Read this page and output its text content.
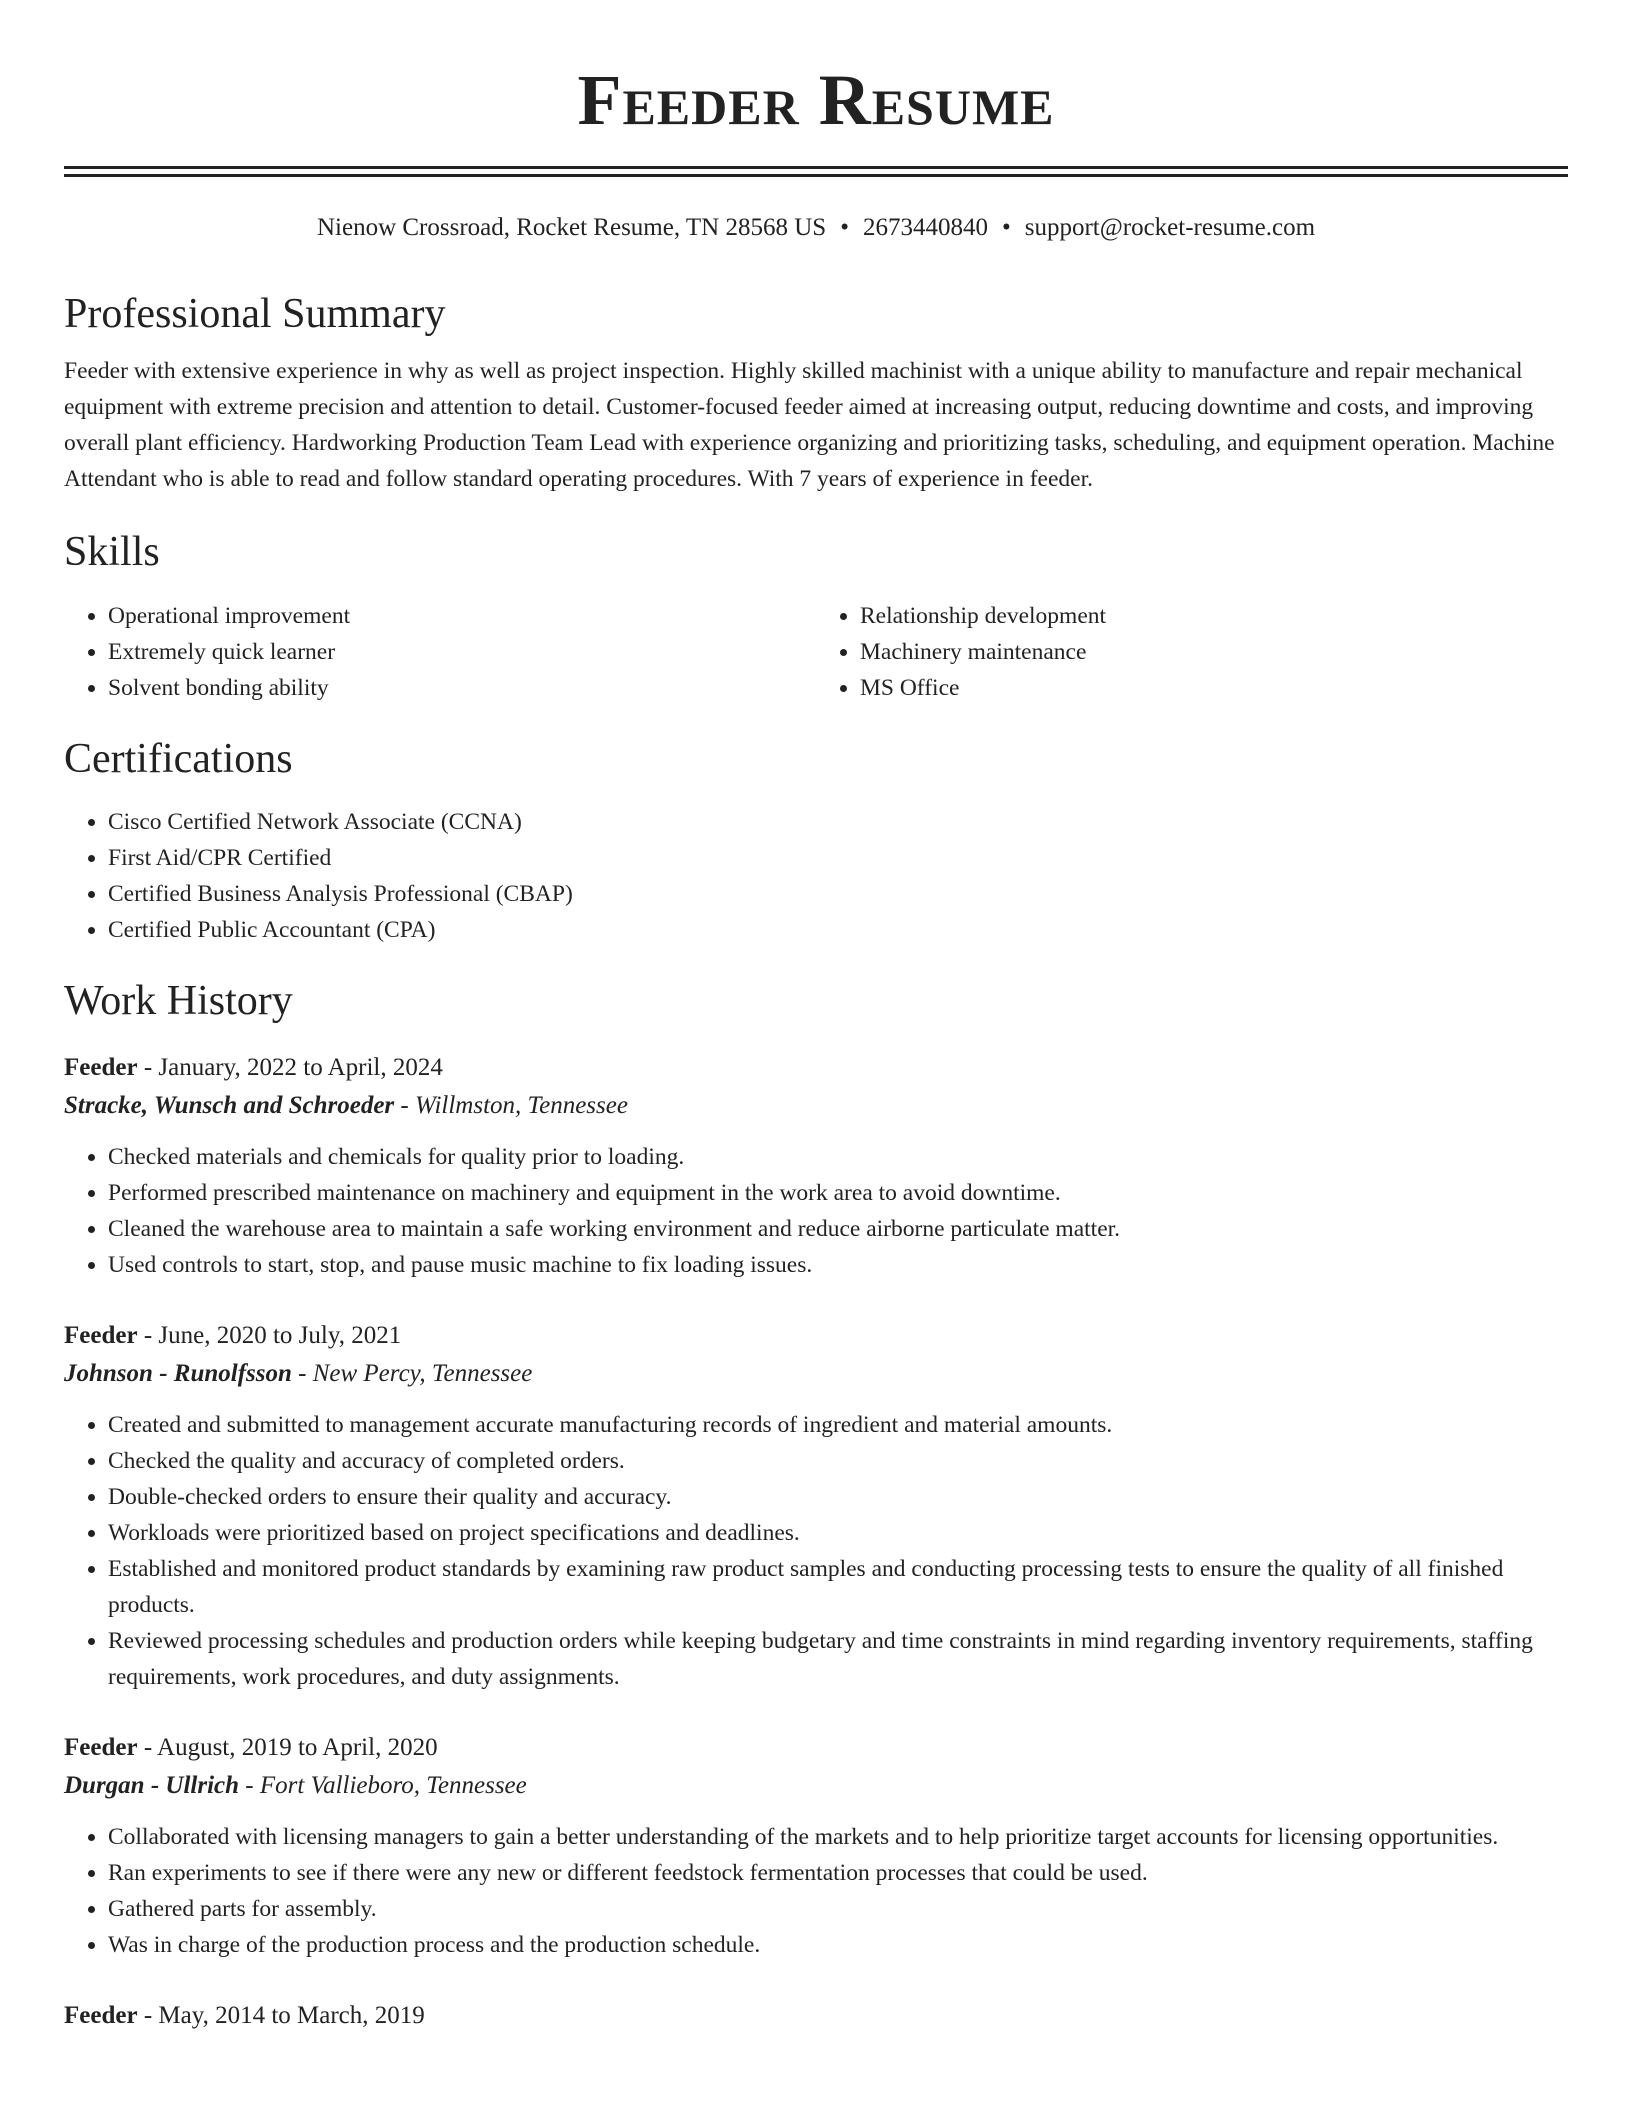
Feeder Resume
Nienow Crossroad, Rocket Resume, TN 28568 US • 2673440840 • support@rocket-resume.com
Professional Summary

Feeder with extensive experience in why as well as project inspection. Highly skilled machinist with a unique ability to manufacture and repair mechanical equipment with extreme precision and attention to detail. Customer-focused feeder aimed at increasing output, reducing downtime and costs, and improving overall plant efficiency. Hardworking Production Team Lead with experience organizing and prioritizing tasks, scheduling, and equipment operation. Machine Attendant who is able to read and follow standard operating procedures. With 7 years of experience in feeder.

Skills
• Operational improvement
• Extremely quick learner
• Solvent bonding ability
• Relationship development
• Machinery maintenance
• MS Office
Certifications
• Cisco Certified Network Associate (CCNA)
• First Aid/CPR Certified
• Certified Business Analysis Professional (CBAP)
• Certified Public Accountant (CPA)
Work History
Feeder - January, 2022 to April, 2024
Stracke, Wunsch and Schroeder - Willmston, Tennessee
• Checked materials and chemicals for quality prior to loading.
• Performed prescribed maintenance on machinery and equipment in the work area to avoid downtime.
• Cleaned the warehouse area to maintain a safe working environment and reduce airborne particulate matter.
• Used controls to start, stop, and pause music machine to fix loading issues.
Feeder - June, 2020 to July, 2021
Johnson - Runolfsson - New Percy, Tennessee
• Created and submitted to management accurate manufacturing records of ingredient and material amounts.
• Checked the quality and accuracy of completed orders.
• Double-checked orders to ensure their quality and accuracy.
• Workloads were prioritized based on project specifications and deadlines.
• Established and monitored product standards by examining raw product samples and conducting processing tests to ensure the quality of all finished products.
• Reviewed processing schedules and production orders while keeping budgetary and time constraints in mind regarding inventory requirements, staffing requirements, work procedures, and duty assignments.
Feeder - August, 2019 to April, 2020
Durgan - Ullrich - Fort Vallieboro, Tennessee
• Collaborated with licensing managers to gain a better understanding of the markets and to help prioritize target accounts for licensing opportunities.
• Ran experiments to see if there were any new or different feedstock fermentation processes that could be used.
• Gathered parts for assembly.
• Was in charge of the production process and the production schedule.
Feeder - May, 2014 to March, 2019
